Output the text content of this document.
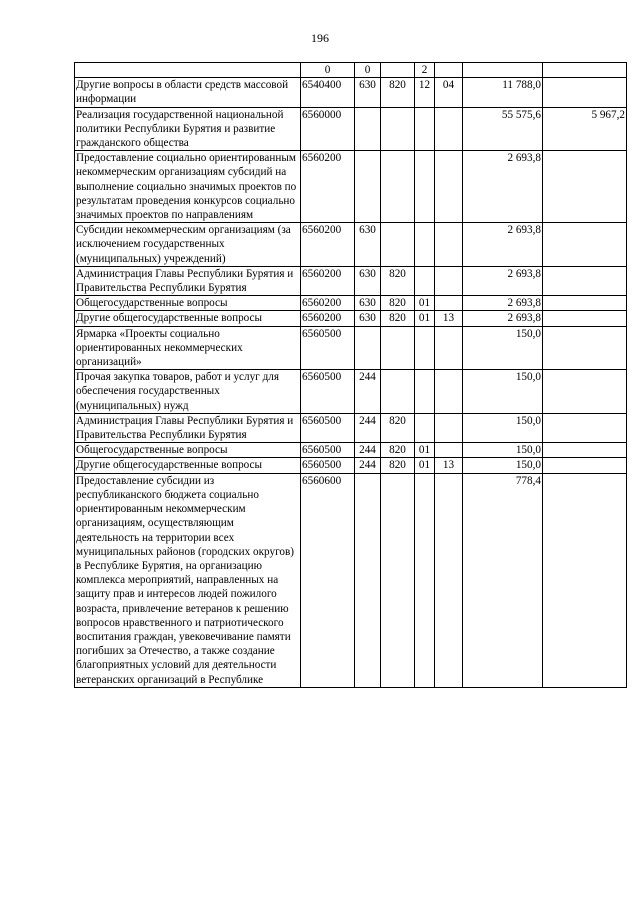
196
	0	0		2			
Другие вопросы в области средств массовой информации	6540400	630	820	12	04	11 788,0	
Реализация государственной национальной политики Республики Бурятия и развитие гражданского общества	6560000					55 575,6	5 967,2
Предоставление социально ориентированным некоммерческим организациям субсидий на выполнение социально значимых проектов по результатам проведения конкурсов социально значимых проектов по направлениям	6560200					2 693,8	
Субсидии некоммерческим организациям (за исключением государственных (муниципальных) учреждений)	6560200	630				2 693,8	
Администрация Главы Республики Бурятия и Правительства Республики Бурятия	6560200	630	820			2 693,8	
Общегосударственные вопросы	6560200	630	820	01		2 693,8	
Другие общегосударственные вопросы	6560200	630	820	01	13	2 693,8	
Ярмарка «Проекты социально ориентированных некоммерческих организаций»	6560500					150,0	
Прочая закупка товаров, работ и услуг для обеспечения государственных (муниципальных) нужд	6560500	244				150,0	
Администрация Главы Республики Бурятия и Правительства Республики Бурятия	6560500	244	820			150,0	
Общегосударственные вопросы	6560500	244	820	01		150,0	
Другие общегосударственные вопросы	6560500	244	820	01	13	150,0	
Предоставление субсидии из республиканского бюджета социально ориентированным некоммерческим организациям, осуществляющим деятельность на территории всех муниципальных районов (городских округов) в Республике Бурятия, на организацию комплекса мероприятий, направленных на защиту прав и интересов людей пожилого возраста, привлечение ветеранов к решению вопросов нравственного и патриотического воспитания граждан, увековечивание памяти погибших за Отечество, а также создание благоприятных условий для деятельности ветеранских организаций в Республике	6560600					778,4	
